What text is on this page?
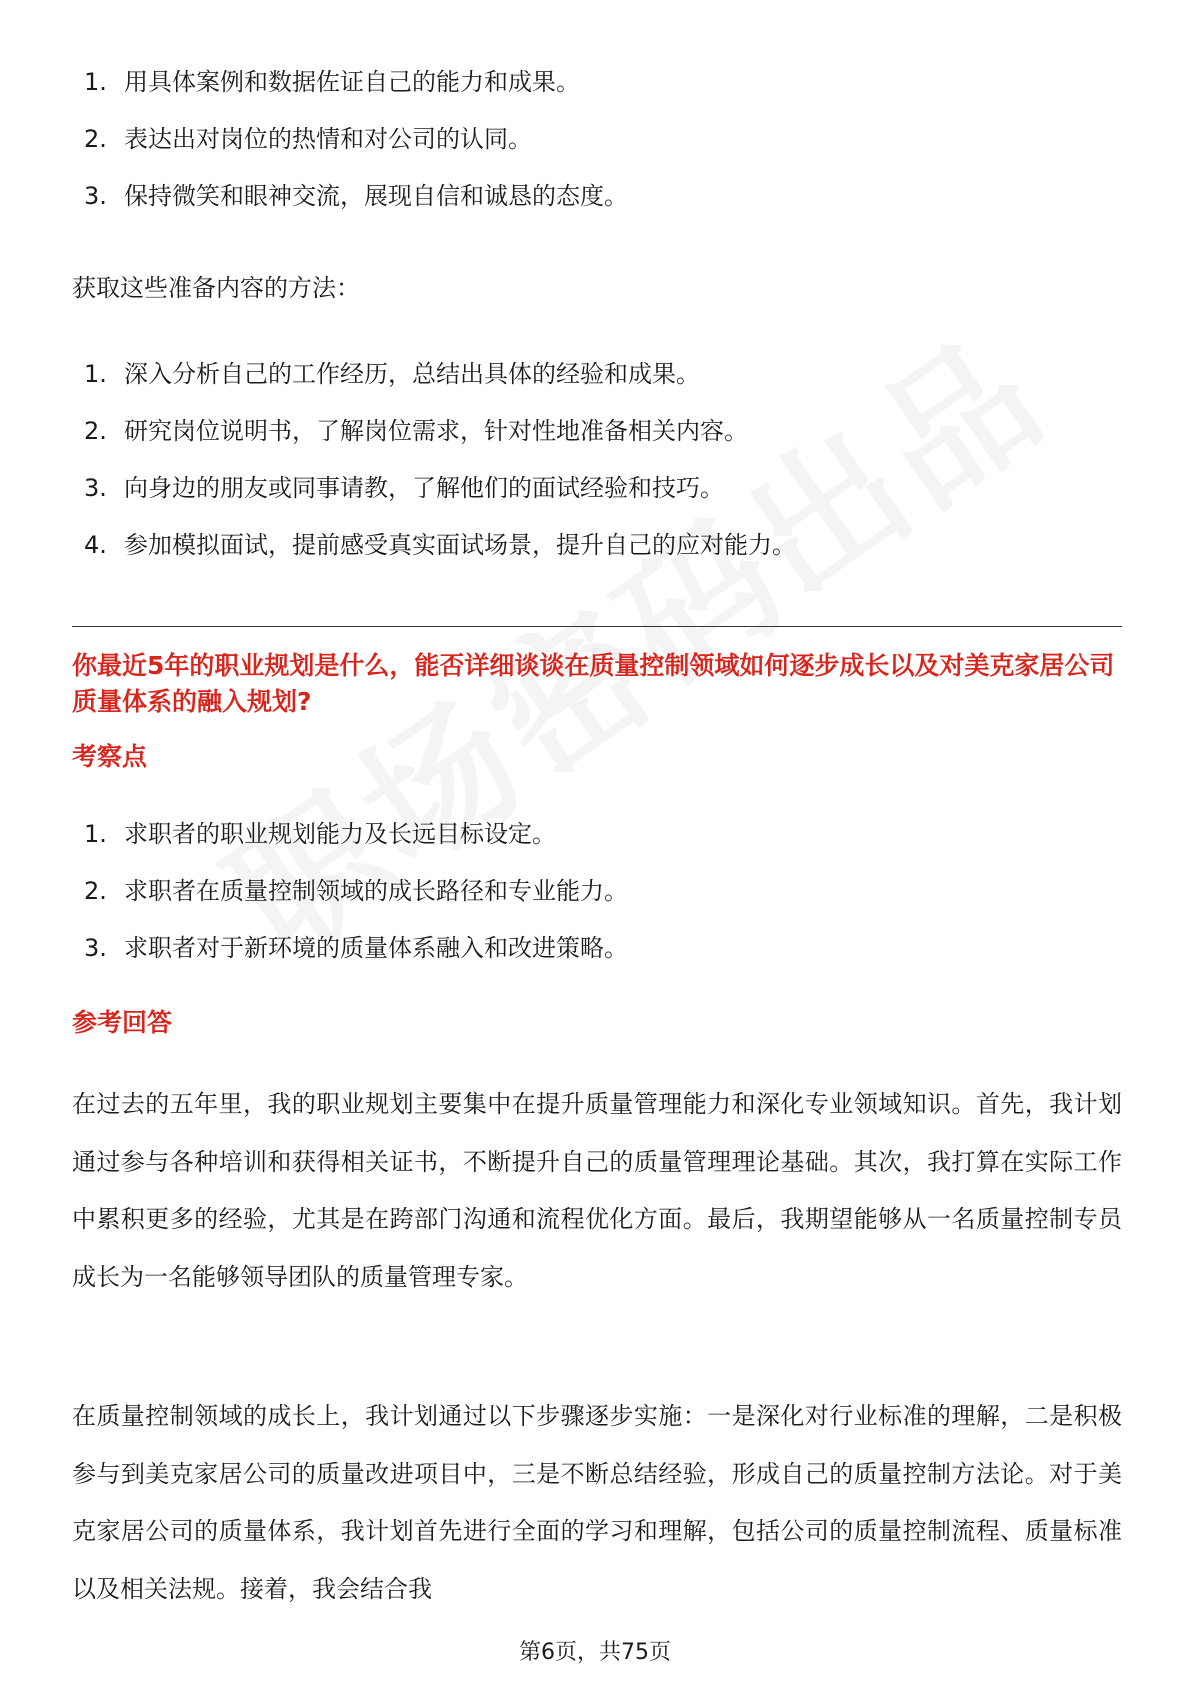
1. 用具体案例和数据佐证自己的能力和成果。
2. 表达出对岗位的热情和对公司的认同。
3. 保持微笑和眼神交流，展现自信和诚恳的态度。
获取这些准备内容的方法：
1. 深入分析自己的工作经历，总结出具体的经验和成果。
2. 研究岗位说明书，了解岗位需求，针对性地准备相关内容。
3. 向身边的朋友或同事请教，了解他们的面试经验和技巧。
4. 参加模拟面试，提前感受真实面试场景，提升自己的应对能力。
你最近5年的职业规划是什么，能否详细谈谈在质量控制领域如何逐步成长以及对美克家居公司质量体系的融入规划?
考察点
1. 求职者的职业规划能力及长远目标设定。
2. 求职者在质量控制领域的成长路径和专业能力。
3. 求职者对于新环境的质量体系融入和改进策略。
参考回答
在过去的五年里，我的职业规划主要集中在提升质量管理能力和深化专业领域知识。首先，我计划通过参与各种培训和获得相关证书，不断提升自己的质量管理理论基础。其次，我打算在实际工作中累积更多的经验，尤其是在跨部门沟通和流程优化方面。最后，我期望能够从一名质量控制专员成长为一名能够领导团队的质量管理专家。
在质量控制领域的成长上，我计划通过以下步骤逐步实施：一是深化对行业标准的理解，二是积极参与到美克家居公司的质量改进项目中，三是不断总结经验，形成自己的质量控制方法论。对于美克家居公司的质量体系，我计划首先进行全面的学习和理解，包括公司的质量控制流程、质量标准以及相关法规。接着，我会结合我
第6页，共75页
